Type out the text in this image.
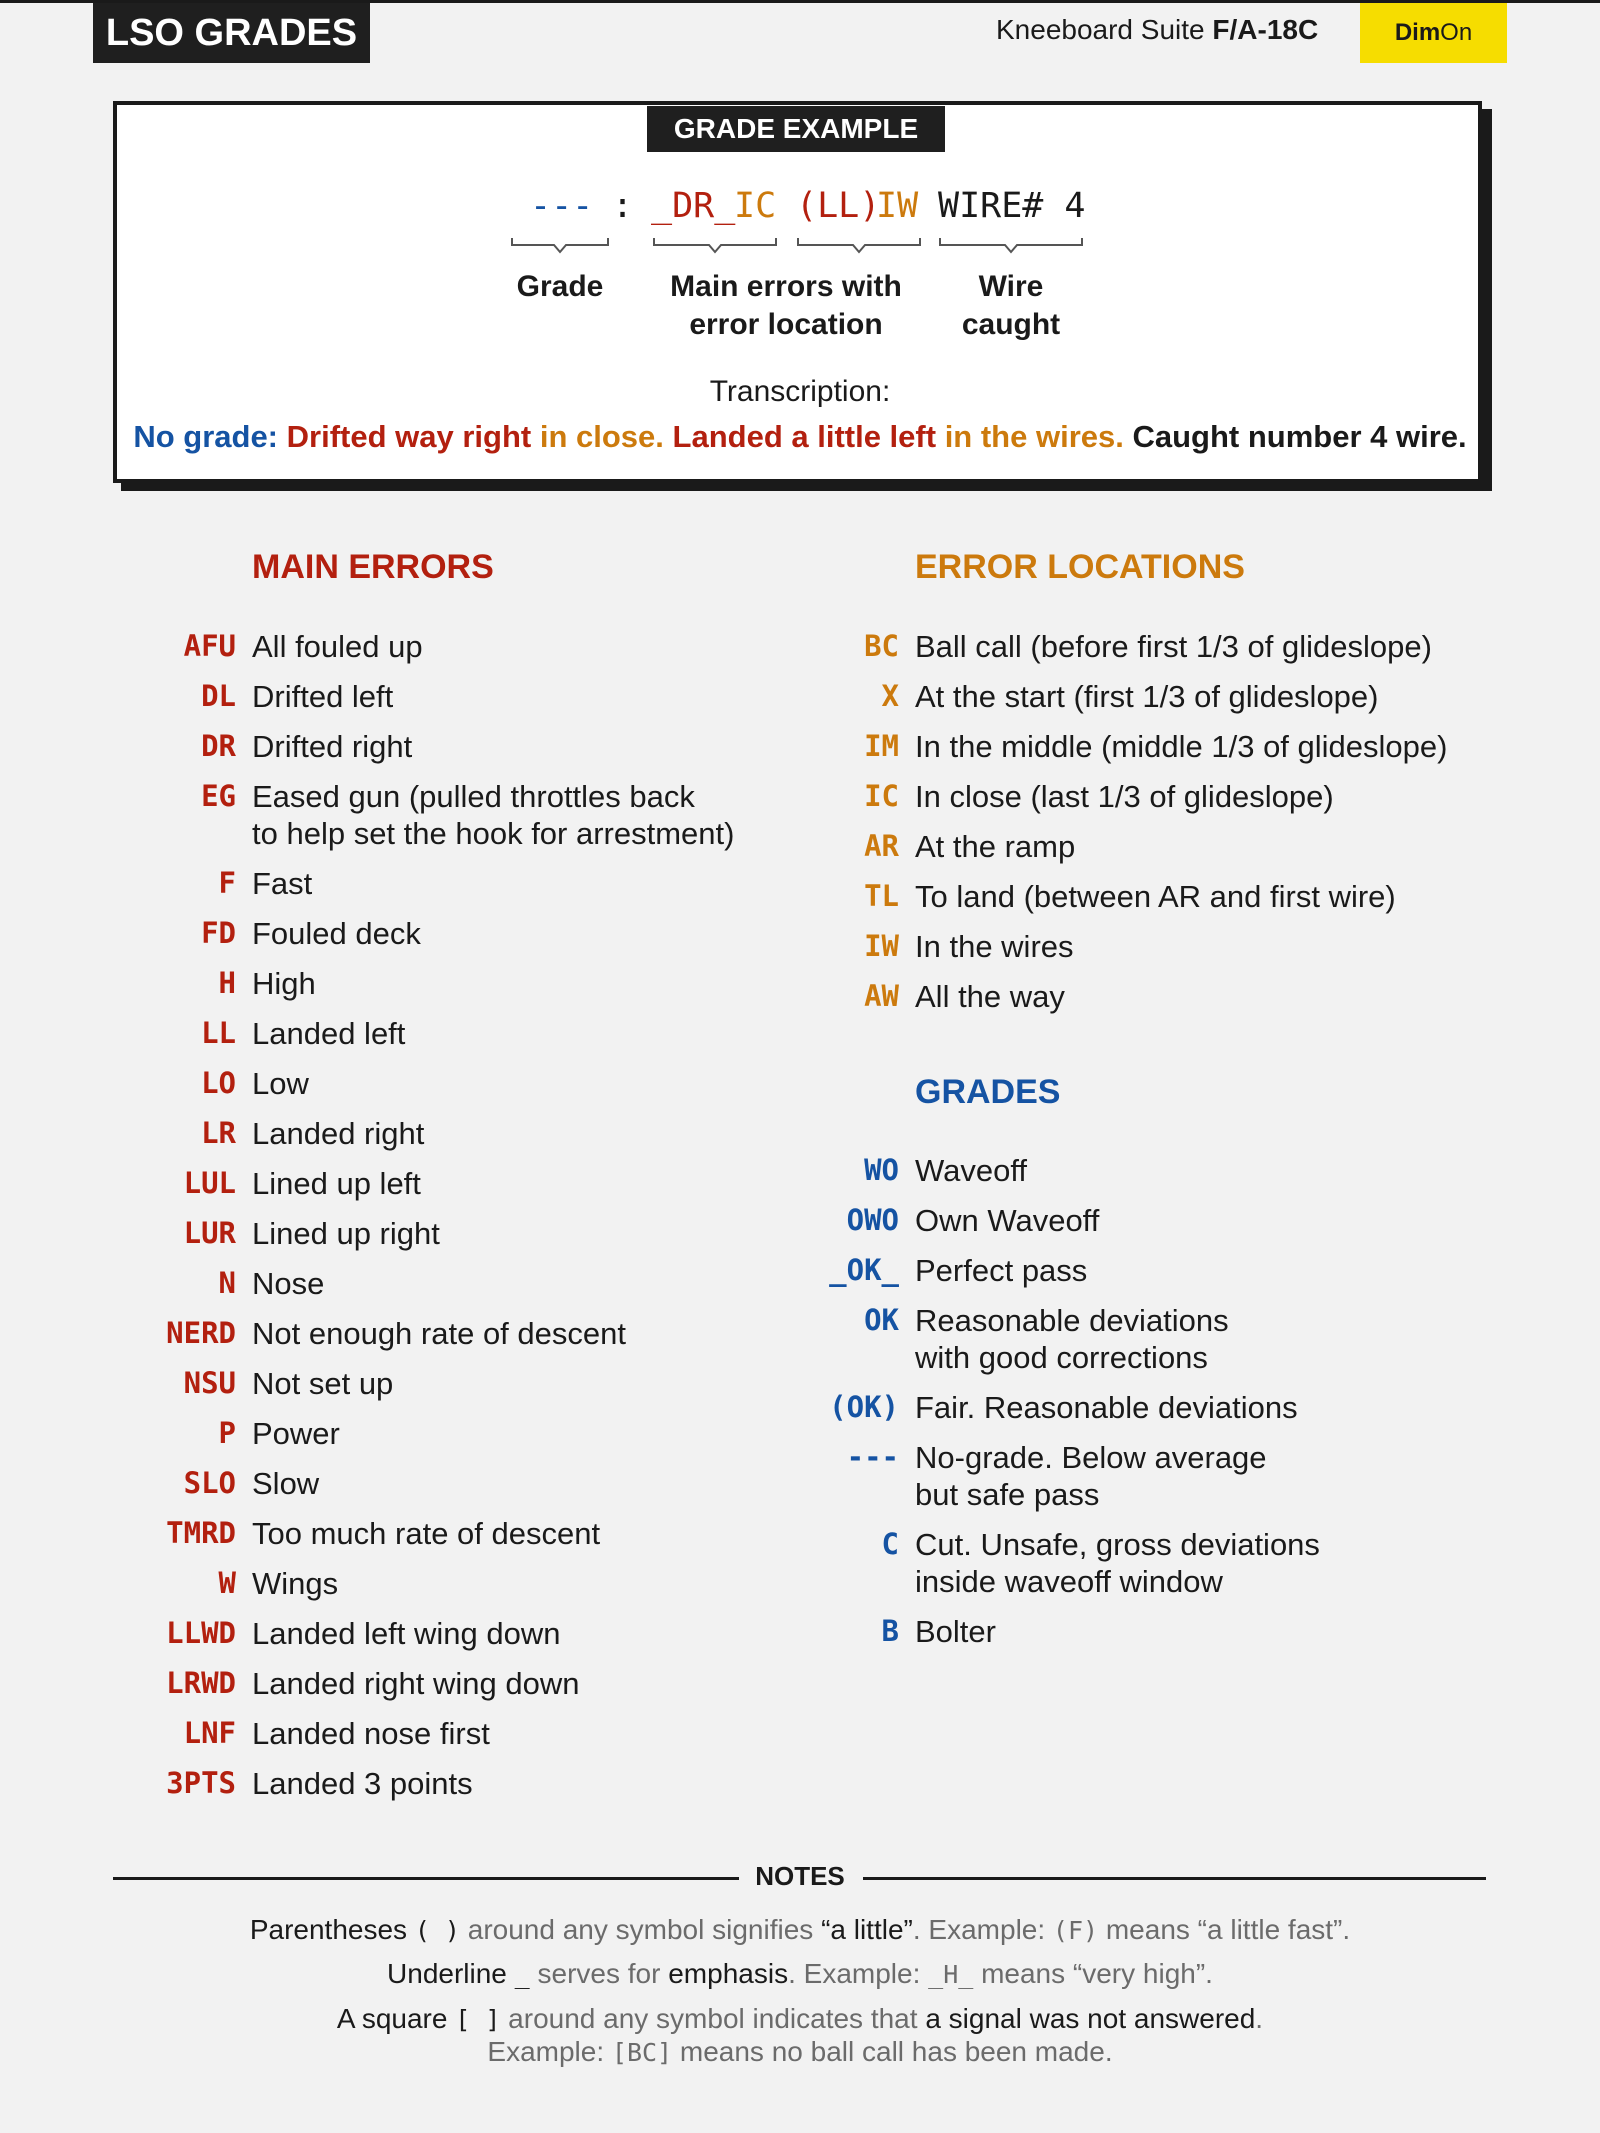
LSO GRADES	Kneeboard Suite F/A-18C	Dim On
GRADE EXAMPLE
--- : _DR_
IC (LL)
IW WIRE# 4
Grade	Main errors with
error location
Wire
caught
Transcription:
No grade: Drifted way right in close. Landed a little left in the wires. Caught number 4 wire.
MAIN ERRORS	ERROR LOCATIONS
GRADES
AFU All fouled up
DL Drifted left
DR Drifted right
EG Eased gun (pulled throttles back
to help set the hook for arrestment)
F Fast
FD Fouled deck
H High
LL Landed left
LO Low
LR Landed right
LUL Lined up left
LUR Lined up right
N Nose
NERD Not enough rate of descent
NSU Not set up
P Power
SLO Slow
TMRD Too much rate of descent
W Wings
LLWD Landed left wing down
LRWD Landed right wing down
LNF Landed nose first
3PTS Landed 3 points
BC Ball call (before first 1/3 of glideslope)
X At the start (first 1/3 of glideslope)
IM In the middle (middle 1/3 of glideslope)
IC In close (last 1/3 of glideslope)
AR At the ramp
TL To land (between AR and first wire)
IW In the wires
AW All the way
WO Waveoff
OWO Own Waveoff
_OK_ Perfect pass
OK Reasonable deviations
with good corrections
(OK) Fair. Reasonable deviations
--- No-grade. Below average
but safe pass
C Cut. Unsafe, gross deviations
inside waveoff window
B Bolter
NOTES
Parentheses ( ) around any symbol signifies “a little”. Example: (F) means “a little fast”.
Underline _ serves for emphasis. Example: _H_ means “very high”.
A square [ ] around any symbol indicates that a signal was not answered.
Example: [BC] means no ball call has been made.
